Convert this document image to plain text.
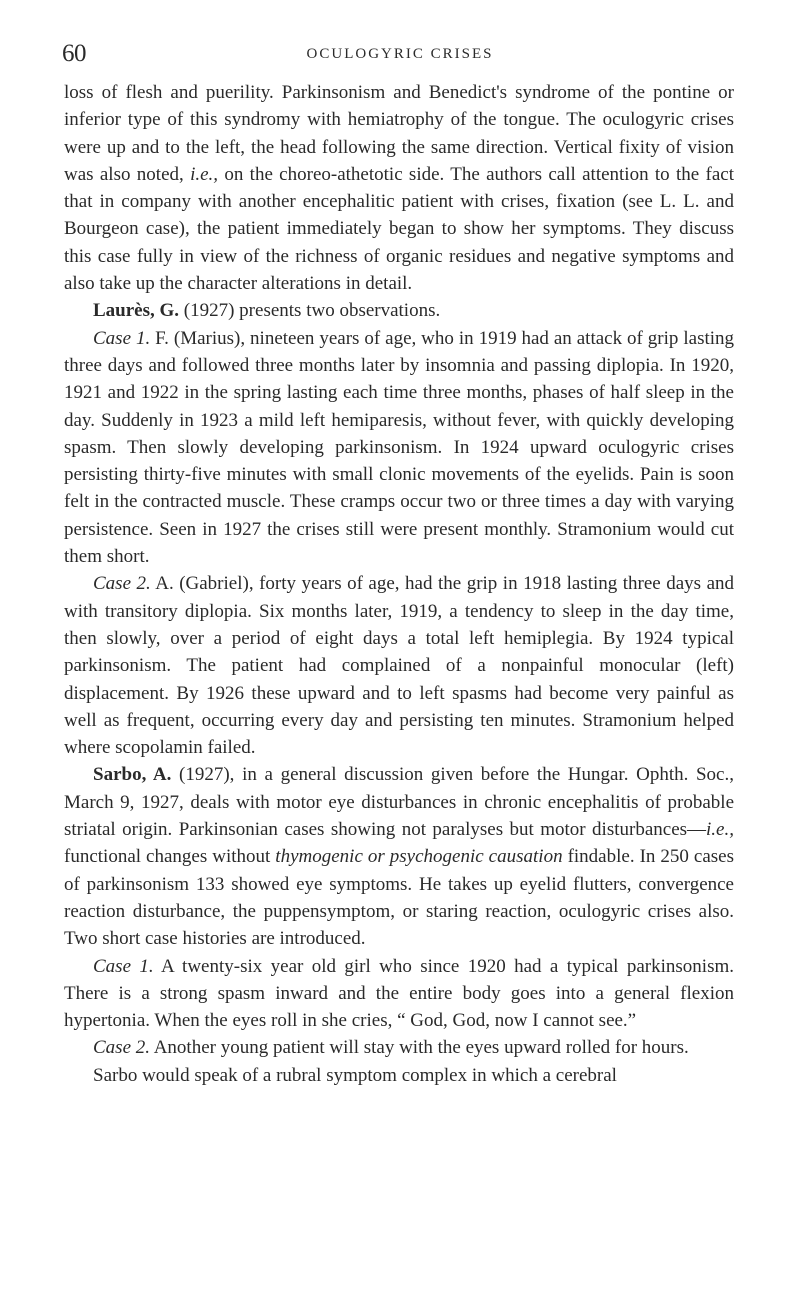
60	OCULOGYRIC CRISES

loss of flesh and puerility. Parkinsonism and Benedict's syndrome of the pontine or inferior type of this syndromy with hemiatrophy of the tongue. The oculogyric crises were up and to the left, the head following the same direction. Vertical fixity of vision was also noted, i.e., on the choreo-athetotic side. The authors call attention to the fact that in company with another encephalitic patient with crises, fixation (see L. L. and Bourgeon case), the patient immediately began to show her symptoms. They discuss this case fully in view of the richness of organic residues and negative symptoms and also take up the character alterations in detail.

Laurès, G. (1927) presents two observations.

Case 1. F. (Marius), nineteen years of age, who in 1919 had an attack of grip lasting three days and followed three months later by insomnia and passing diplopia. In 1920, 1921 and 1922 in the spring lasting each time three months, phases of half sleep in the day. Suddenly in 1923 a mild left hemiparesis, without fever, with quickly developing spasm. Then slowly developing parkinsonism. In 1924 upward oculogyric crises persisting thirty-five minutes with small clonic movements of the eyelids. Pain is soon felt in the contracted muscle. These cramps occur two or three times a day with varying persistence. Seen in 1927 the crises still were present monthly. Stramonium would cut them short.

Case 2. A. (Gabriel), forty years of age, had the grip in 1918 lasting three days and with transitory diplopia. Six months later, 1919, a tendency to sleep in the day time, then slowly, over a period of eight days a total left hemiplegia. By 1924 typical parkinsonism. The patient had complained of a nonpainful monocular (left) displacement. By 1926 these upward and to left spasms had become very painful as well as frequent, occurring every day and persisting ten minutes. Stramonium helped where scopolamin failed.

Sarbo, A. (1927), in a general discussion given before the Hungar. Ophth. Soc., March 9, 1927, deals with motor eye disturbances in chronic encephalitis of probable striatal origin. Parkinsonian cases showing not paralyses but motor disturbances—i.e., functional changes without thymogenic or psychogenic causation findable. In 250 cases of parkinsonism 133 showed eye symptoms. He takes up eyelid flutters, convergence reaction disturbance, the puppensymptom, or staring reaction, oculogyric crises also. Two short case histories are introduced.

Case 1. A twenty-six year old girl who since 1920 had a typical parkinsonism. There is a strong spasm inward and the entire body goes into a general flexion hypertonia. When the eyes roll in she cries, “ God, God, now I cannot see.”

Case 2. Another young patient will stay with the eyes upward rolled for hours.

Sarbo would speak of a rubral symptom complex in which a cerebral
